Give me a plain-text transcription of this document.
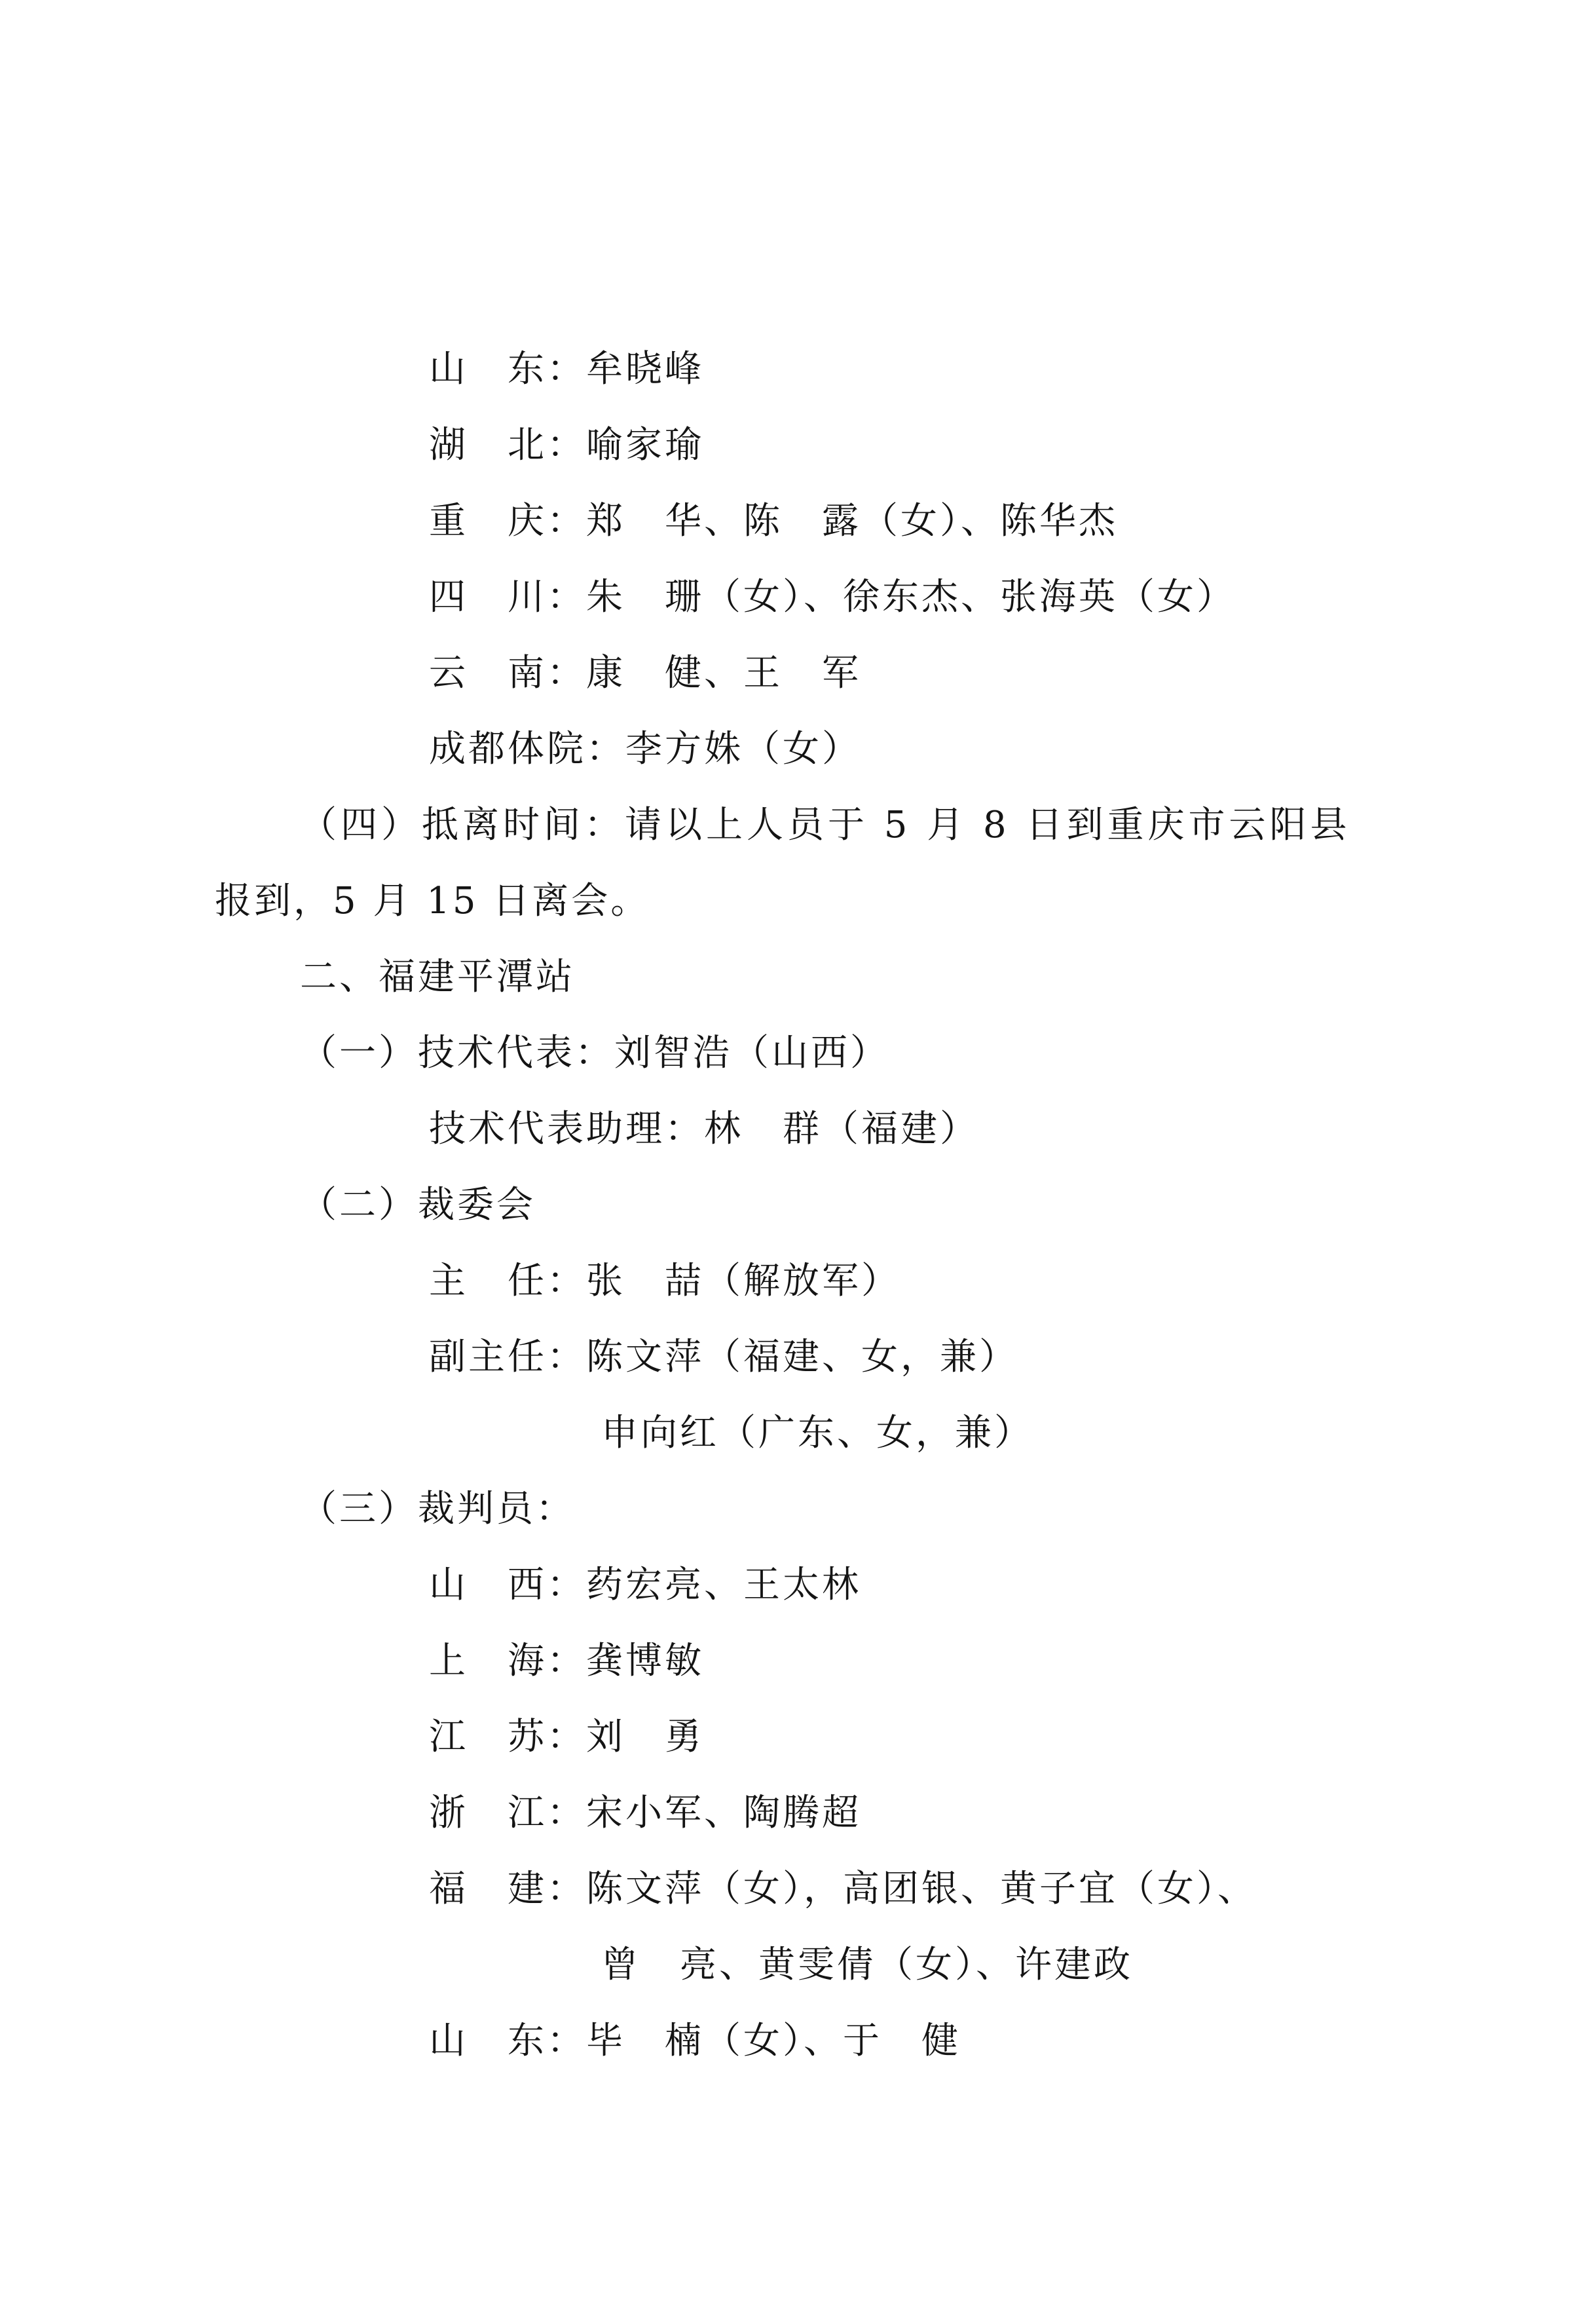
山　东：牟晓峰
湖　北：喻家瑜
重　庆：郑　华、陈　露（女）、陈华杰
四　川：朱　珊（女）、徐东杰、张海英（女）
云　南：康　健、王　军
成都体院：李方姝（女）
（四）抵离时间：请以上人员于 5 月 8 日到重庆市云阳县
报到，5 月 15 日离会。
二、福建平潭站
（一）技术代表：刘智浩（山西）
技术代表助理：林　群（福建）
（二）裁委会
主　任：张　喆（解放军）
副主任：陈文萍（福建、女，兼）
申向红（广东、女，兼）
（三）裁判员：
山　西：药宏亮、王太林
上　海：龚博敏
江　苏：刘　勇
浙　江：宋小军、陶腾超
福　建：陈文萍（女），高团银、黄子宜（女）、
曾　亮、黄雯倩（女）、许建政
山　东：毕　楠（女）、于　健
